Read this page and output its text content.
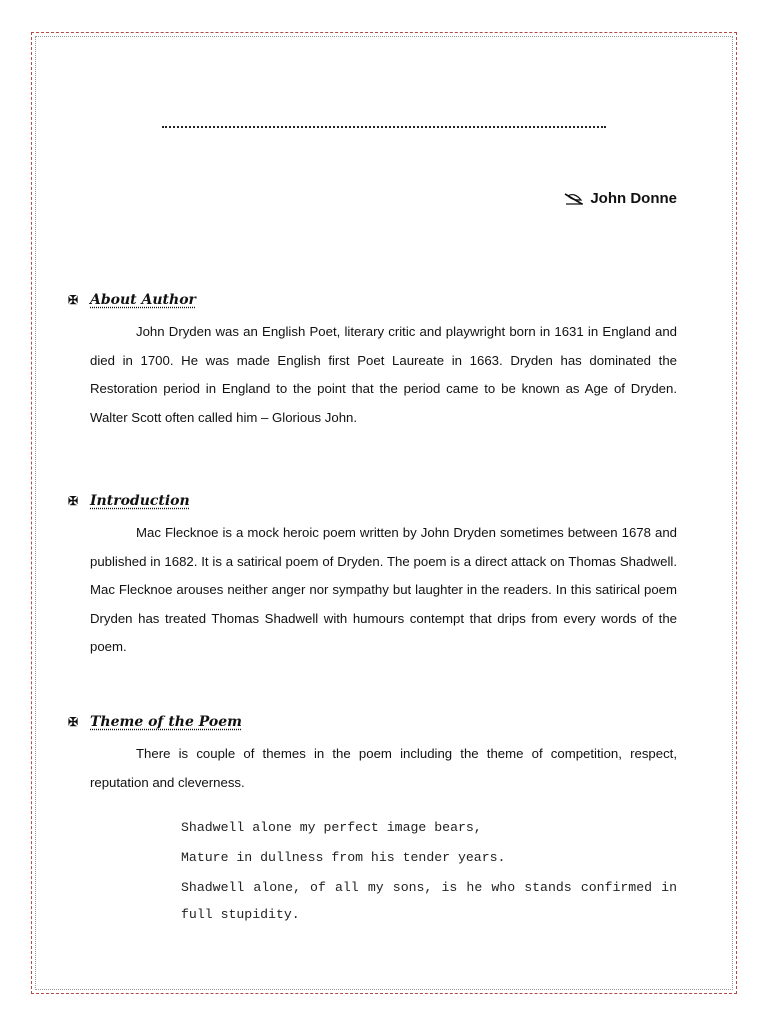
John Donne
✠ About Author

John Dryden was an English Poet, literary critic and playwright born in 1631 in England and died in 1700. He was made English first Poet Laureate in 1663. Dryden has dominated the Restoration period in England to the point that the period came to be known as Age of Dryden. Walter Scott often called him – Glorious John.

✠ Introduction

Mac Flecknoe is a mock heroic poem written by John Dryden sometimes between 1678 and published in 1682. It is a satirical poem of Dryden. The poem is a direct attack on Thomas Shadwell. Mac Flecknoe arouses neither anger nor sympathy but laughter in the readers. In this satirical poem Dryden has treated Thomas Shadwell with humours contempt that drips from every words of the poem.

✠ Theme of the Poem

There is couple of themes in the poem including the theme of competition, respect, reputation and cleverness.

Shadwell alone my perfect image bears,
Mature in dullness from his tender years.
Shadwell alone, of all my sons, is he who stands confirmed in full stupidity.
